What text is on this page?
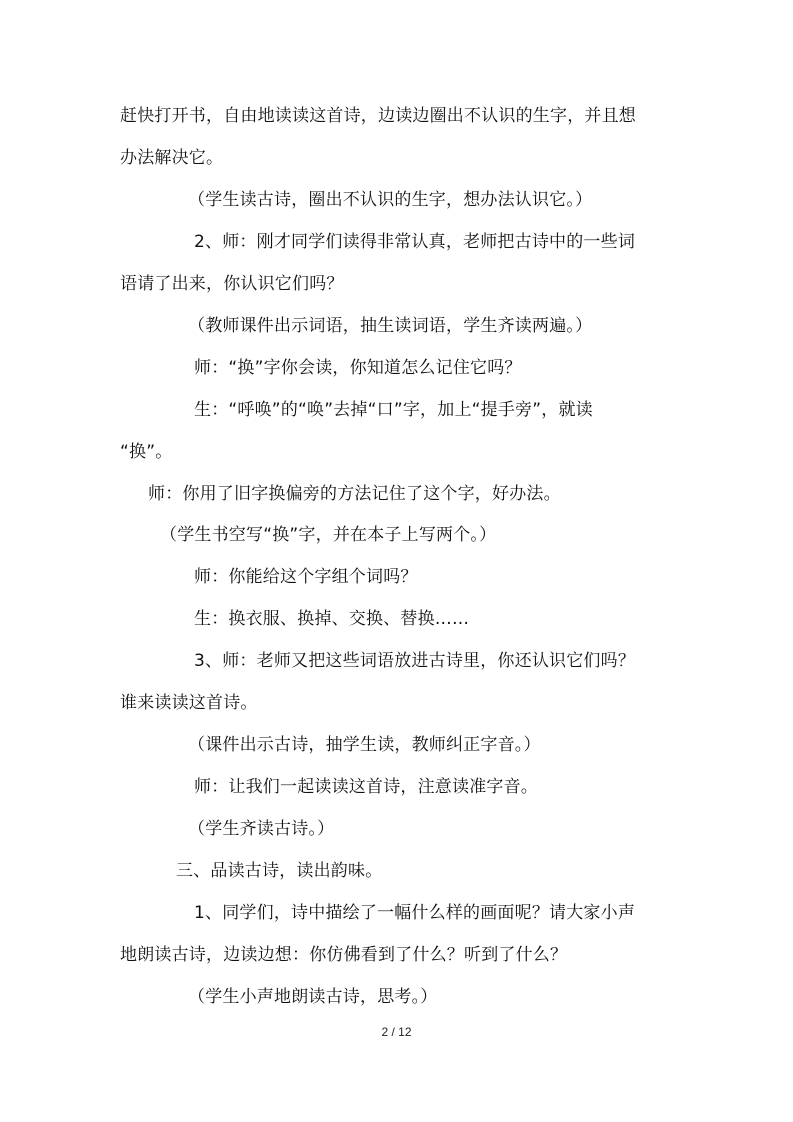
赶快打开书，自由地读读这首诗，边读边圈出不认识的生字，并且想
办法解决它。
（学生读古诗，圈出不认识的生字，想办法认识它。）
2、师：刚才同学们读得非常认真，老师把古诗中的一些词
语请了出来，你认识它们吗？
（教师课件出示词语，抽生读词语，学生齐读两遍。）
师：“换”字你会读，你知道怎么记住它吗？
生：“呼唤”的“唤”去掉“口”字，加上“提手旁”，就读
“换”。
师：你用了旧字换偏旁的方法记住了这个字，好办法。
（学生书空写“换”字，并在本子上写两个。）
师：你能给这个字组个词吗？
生：换衣服、换掉、交换、替换……
3、师：老师又把这些词语放进古诗里，你还认识它们吗？
谁来读读这首诗。
（课件出示古诗，抽学生读，教师纠正字音。）
师：让我们一起读读这首诗，注意读准字音。
（学生齐读古诗。）
三、品读古诗，读出韵味。
1、同学们，诗中描绘了一幅什么样的画面呢？请大家小声
地朗读古诗，边读边想：你仿佛看到了什么？听到了什么？
（学生小声地朗读古诗，思考。）
2 / 12
